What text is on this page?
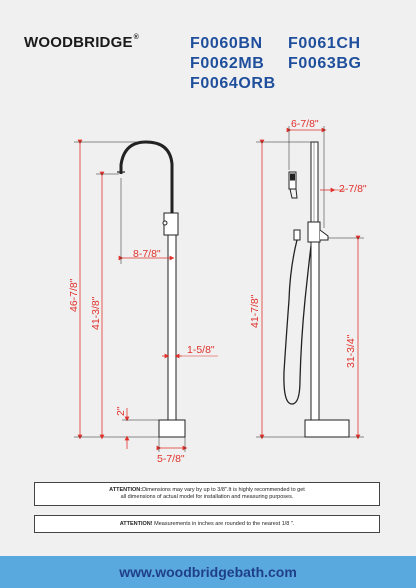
WOODBRIDGE®	F0060BN F0061CH
F0062MB F0063BG
F0064ORB
46-7/8"
41-3/8"
8-7/8"
1-5/8"
2"
5-7/8"
6-7/8"
2-7/8"
41-7/8"
31-3/4"
ATTENTION:Dimensions may vary by up to 3/8".It is highly recommended to get
all dimensions of actual model for installation and measuring purposes.
ATTENTION! Measurements in inches are rounded to the nearest 1/8 ".
www.woodbridgebath.com
